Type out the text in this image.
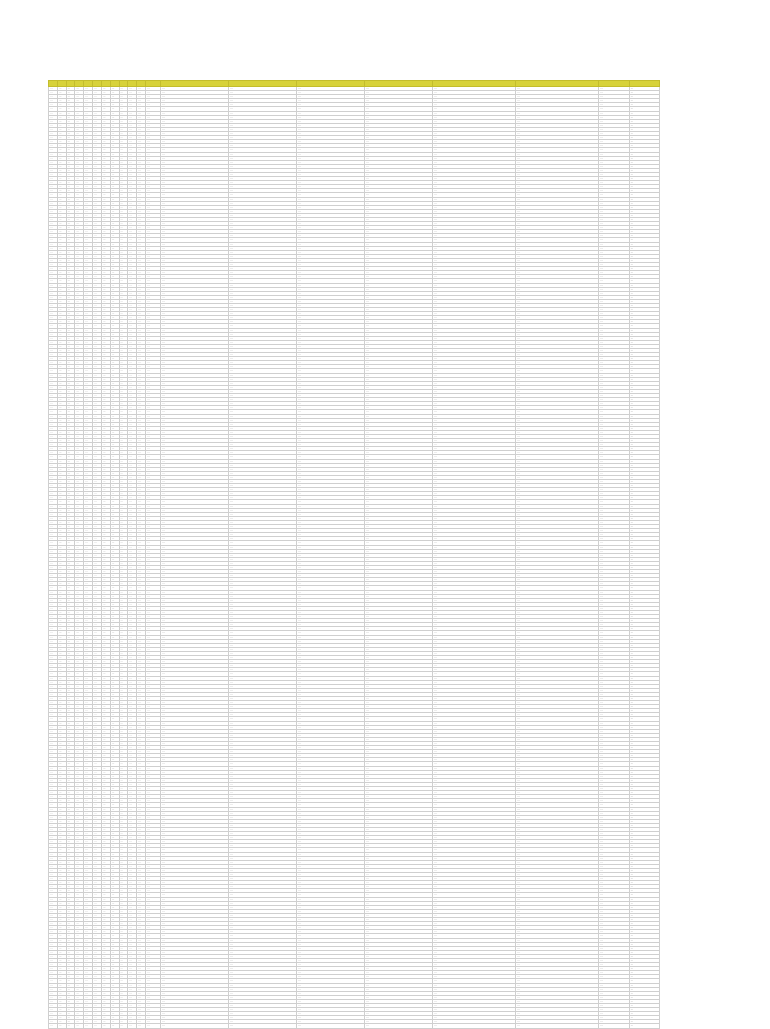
…	…	…	…	…	…	…	…	…	…	…	…	…	…	…	…	…	…	…	…
…	…	…	…	…	…	…	…	…	…	…	…	…	…	…	…	…	…	…	…
…	…	…	…	…	…	…	…	…	…	…	…	…	…	…	…	…	…	…	…
…	…	…	…	…	…	…	…	…	…	…	…	…	…	…	…	…	…	…	…
…	…	…	…	…	…	…	…	…	…	…	…	…	…	…	…	…	…	…	…
…	…	…	…	…	…	…	…	…	…	…	…	…	…	…	…	…	…	…	…
…	…	…	…	…	…	…	…	…	…	…	…	…	…	…	…	…	…	…	…
…	…	…	…	…	…	…	…	…	…	…	…	…	…	…	…	…	…	…	…
…	…	…	…	…	…	…	…	…	…	…	…	…	…	…	…	…	…	…	…
…	…	…	…	…	…	…	…	…	…	…	…	…	…	…	…	…	…	…	…
…	…	…	…	…	…	…	…	…	…	…	…	…	…	…	…	…	…	…	…
…	…	…	…	…	…	…	…	…	…	…	…	…	…	…	…	…	…	…	…
…	…	…	…	…	…	…	…	…	…	…	…	…	…	…	…	…	…	…	…
…	…	…	…	…	…	…	…	…	…	…	…	…	…	…	…	…	…	…	…
…	…	…	…	…	…	…	…	…	…	…	…	…	…	…	…	…	…	…	…
…	…	…	…	…	…	…	…	…	…	…	…	…	…	…	…	…	…	…	…
…	…	…	…	…	…	…	…	…	…	…	…	…	…	…	…	…	…	…	…
…	…	…	…	…	…	…	…	…	…	…	…	…	…	…	…	…	…	…	…
…	…	…	…	…	…	…	…	…	…	…	…	…	…	…	…	…	…	…	…
…	…	…	…	…	…	…	…	…	…	…	…	…	…	…	…	…	…	…	…
…	…	…	…	…	…	…	…	…	…	…	…	…	…	…	…	…	…	…	…
…	…	…	…	…	…	…	…	…	…	…	…	…	…	…	…	…	…	…	…
…	…	…	…	…	…	…	…	…	…	…	…	…	…	…	…	…	…	…	…
…	…	…	…	…	…	…	…	…	…	…	…	…	…	…	…	…	…	…	…
…	…	…	…	…	…	…	…	…	…	…	…	…	…	…	…	…	…	…	…
…	…	…	…	…	…	…	…	…	…	…	…	…	…	…	…	…	…	…	…
…	…	…	…	…	…	…	…	…	…	…	…	…	…	…	…	…	…	…	…
…	…	…	…	…	…	…	…	…	…	…	…	…	…	…	…	…	…	…	…
…	…	…	…	…	…	…	…	…	…	…	…	…	…	…	…	…	…	…	…
…	…	…	…	…	…	…	…	…	…	…	…	…	…	…	…	…	…	…	…
…	…	…	…	…	…	…	…	…	…	…	…	…	…	…	…	…	…	…	…
…	…	…	…	…	…	…	…	…	…	…	…	…	…	…	…	…	…	…	…
…	…	…	…	…	…	…	…	…	…	…	…	…	…	…	…	…	…	…	…
…	…	…	…	…	…	…	…	…	…	…	…	…	…	…	…	…	…	…	…
…	…	…	…	…	…	…	…	…	…	…	…	…	…	…	…	…	…	…	…
…	…	…	…	…	…	…	…	…	…	…	…	…	…	…	…	…	…	…	…
…	…	…	…	…	…	…	…	…	…	…	…	…	…	…	…	…	…	…	…
…	…	…	…	…	…	…	…	…	…	…	…	…	…	…	…	…	…	…	…
…	…	…	…	…	…	…	…	…	…	…	…	…	…	…	…	…	…	…	…
…	…	…	…	…	…	…	…	…	…	…	…	…	…	…	…	…	…	…	…
…	…	…	…	…	…	…	…	…	…	…	…	…	…	…	…	…	…	…	…
…	…	…	…	…	…	…	…	…	…	…	…	…	…	…	…	…	…	…	…
…	…	…	…	…	…	…	…	…	…	…	…	…	…	…	…	…	…	…	…
…	…	…	…	…	…	…	…	…	…	…	…	…	…	…	…	…	…	…	…
…	…	…	…	…	…	…	…	…	…	…	…	…	…	…	…	…	…	…	…
…	…	…	…	…	…	…	…	…	…	…	…	…	…	…	…	…	…	…	…
…	…	…	…	…	…	…	…	…	…	…	…	…	…	…	…	…	…	…	…
…	…	…	…	…	…	…	…	…	…	…	…	…	…	…	…	…	…	…	…
…	…	…	…	…	…	…	…	…	…	…	…	…	…	…	…	…	…	…	…
…	…	…	…	…	…	…	…	…	…	…	…	…	…	…	…	…	…	…	…
…	…	…	…	…	…	…	…	…	…	…	…	…	…	…	…	…	…	…	…
…	…	…	…	…	…	…	…	…	…	…	…	…	…	…	…	…	…	…	…
…	…	…	…	…	…	…	…	…	…	…	…	…	…	…	…	…	…	…	…
…	…	…	…	…	…	…	…	…	…	…	…	…	…	…	…	…	…	…	…
…	…	…	…	…	…	…	…	…	…	…	…	…	…	…	…	…	…	…	…
…	…	…	…	…	…	…	…	…	…	…	…	…	…	…	…	…	…	…	…
…	…	…	…	…	…	…	…	…	…	…	…	…	…	…	…	…	…	…	…
…	…	…	…	…	…	…	…	…	…	…	…	…	…	…	…	…	…	…	…
…	…	…	…	…	…	…	…	…	…	…	…	…	…	…	…	…	…	…	…
…	…	…	…	…	…	…	…	…	…	…	…	…	…	…	…	…	…	…	…
…	…	…	…	…	…	…	…	…	…	…	…	…	…	…	…	…	…	…	…
…	…	…	…	…	…	…	…	…	…	…	…	…	…	…	…	…	…	…	…
…	…	…	…	…	…	…	…	…	…	…	…	…	…	…	…	…	…	…	…
…	…	…	…	…	…	…	…	…	…	…	…	…	…	…	…	…	…	…	…
…	…	…	…	…	…	…	…	…	…	…	…	…	…	…	…	…	…	…	…
…	…	…	…	…	…	…	…	…	…	…	…	…	…	…	…	…	…	…	…
…	…	…	…	…	…	…	…	…	…	…	…	…	…	…	…	…	…	…	…
…	…	…	…	…	…	…	…	…	…	…	…	…	…	…	…	…	…	…	…
…	…	…	…	…	…	…	…	…	…	…	…	…	…	…	…	…	…	…	…
…	…	…	…	…	…	…	…	…	…	…	…	…	…	…	…	…	…	…	…
…	…	…	…	…	…	…	…	…	…	…	…	…	…	…	…	…	…	…	…
…	…	…	…	…	…	…	…	…	…	…	…	…	…	…	…	…	…	…	…
…	…	…	…	…	…	…	…	…	…	…	…	…	…	…	…	…	…	…	…
…	…	…	…	…	…	…	…	…	…	…	…	…	…	…	…	…	…	…	…
…	…	…	…	…	…	…	…	…	…	…	…	…	…	…	…	…	…	…	…
…	…	…	…	…	…	…	…	…	…	…	…	…	…	…	…	…	…	…	…
…	…	…	…	…	…	…	…	…	…	…	…	…	…	…	…	…	…	…	…
…	…	…	…	…	…	…	…	…	…	…	…	…	…	…	…	…	…	…	…
…	…	…	…	…	…	…	…	…	…	…	…	…	…	…	…	…	…	…	…
…	…	…	…	…	…	…	…	…	…	…	…	…	…	…	…	…	…	…	…
…	…	…	…	…	…	…	…	…	…	…	…	…	…	…	…	…	…	…	…
…	…	…	…	…	…	…	…	…	…	…	…	…	…	…	…	…	…	…	…
…	…	…	…	…	…	…	…	…	…	…	…	…	…	…	…	…	…	…	…
…	…	…	…	…	…	…	…	…	…	…	…	…	…	…	…	…	…	…	…
…	…	…	…	…	…	…	…	…	…	…	…	…	…	…	…	…	…	…	…
…	…	…	…	…	…	…	…	…	…	…	…	…	…	…	…	…	…	…	…
…	…	…	…	…	…	…	…	…	…	…	…	…	…	…	…	…	…	…	…
…	…	…	…	…	…	…	…	…	…	…	…	…	…	…	…	…	…	…	…
…	…	…	…	…	…	…	…	…	…	…	…	…	…	…	…	…	…	…	…
…	…	…	…	…	…	…	…	…	…	…	…	…	…	…	…	…	…	…	…
…	…	…	…	…	…	…	…	…	…	…	…	…	…	…	…	…	…	…	…
…	…	…	…	…	…	…	…	…	…	…	…	…	…	…	…	…	…	…	…
…	…	…	…	…	…	…	…	…	…	…	…	…	…	…	…	…	…	…	…
…	…	…	…	…	…	…	…	…	…	…	…	…	…	…	…	…	…	…	…
…	…	…	…	…	…	…	…	…	…	…	…	…	…	…	…	…	…	…	…
…	…	…	…	…	…	…	…	…	…	…	…	…	…	…	…	…	…	…	…
…	…	…	…	…	…	…	…	…	…	…	…	…	…	…	…	…	…	…	…
…	…	…	…	…	…	…	…	…	…	…	…	…	…	…	…	…	…	…	…
…	…	…	…	…	…	…	…	…	…	…	…	…	…	…	…	…	…	…	…
…	…	…	…	…	…	…	…	…	…	…	…	…	…	…	…	…	…	…	…
…	…	…	…	…	…	…	…	…	…	…	…	…	…	…	…	…	…	…	…
…	…	…	…	…	…	…	…	…	…	…	…	…	…	…	…	…	…	…	…
…	…	…	…	…	…	…	…	…	…	…	…	…	…	…	…	…	…	…	…
…	…	…	…	…	…	…	…	…	…	…	…	…	…	…	…	…	…	…	…
…	…	…	…	…	…	…	…	…	…	…	…	…	…	…	…	…	…	…	…
…	…	…	…	…	…	…	…	…	…	…	…	…	…	…	…	…	…	…	…
…	…	…	…	…	…	…	…	…	…	…	…	…	…	…	…	…	…	…	…
…	…	…	…	…	…	…	…	…	…	…	…	…	…	…	…	…	…	…	…
…	…	…	…	…	…	…	…	…	…	…	…	…	…	…	…	…	…	…	…
…	…	…	…	…	…	…	…	…	…	…	…	…	…	…	…	…	…	…	…
…	…	…	…	…	…	…	…	…	…	…	…	…	…	…	…	…	…	…	…
…	…	…	…	…	…	…	…	…	…	…	…	…	…	…	…	…	…	…	…
…	…	…	…	…	…	…	…	…	…	…	…	…	…	…	…	…	…	…	…
…	…	…	…	…	…	…	…	…	…	…	…	…	…	…	…	…	…	…	…
…	…	…	…	…	…	…	…	…	…	…	…	…	…	…	…	…	…	…	…
…	…	…	…	…	…	…	…	…	…	…	…	…	…	…	…	…	…	…	…
…	…	…	…	…	…	…	…	…	…	…	…	…	…	…	…	…	…	…	…
…	…	…	…	…	…	…	…	…	…	…	…	…	…	…	…	…	…	…	…
…	…	…	…	…	…	…	…	…	…	…	…	…	…	…	…	…	…	…	…
…	…	…	…	…	…	…	…	…	…	…	…	…	…	…	…	…	…	…	…
…	…	…	…	…	…	…	…	…	…	…	…	…	…	…	…	…	…	…	…
…	…	…	…	…	…	…	…	…	…	…	…	…	…	…	…	…	…	…	…
…	…	…	…	…	…	…	…	…	…	…	…	…	…	…	…	…	…	…	…
…	…	…	…	…	…	…	…	…	…	…	…	…	…	…	…	…	…	…	…
…	…	…	…	…	…	…	…	…	…	…	…	…	…	…	…	…	…	…	…
…	…	…	…	…	…	…	…	…	…	…	…	…	…	…	…	…	…	…	…
…	…	…	…	…	…	…	…	…	…	…	…	…	…	…	…	…	…	…	…
…	…	…	…	…	…	…	…	…	…	…	…	…	…	…	…	…	…	…	…
…	…	…	…	…	…	…	…	…	…	…	…	…	…	…	…	…	…	…	…
…	…	…	…	…	…	…	…	…	…	…	…	…	…	…	…	…	…	…	…
…	…	…	…	…	…	…	…	…	…	…	…	…	…	…	…	…	…	…	…
…	…	…	…	…	…	…	…	…	…	…	…	…	…	…	…	…	…	…	…
…	…	…	…	…	…	…	…	…	…	…	…	…	…	…	…	…	…	…	…
…	…	…	…	…	…	…	…	…	…	…	…	…	…	…	…	…	…	…	…
…	…	…	…	…	…	…	…	…	…	…	…	…	…	…	…	…	…	…	…
…	…	…	…	…	…	…	…	…	…	…	…	…	…	…	…	…	…	…	…
…	…	…	…	…	…	…	…	…	…	…	…	…	…	…	…	…	…	…	…
…	…	…	…	…	…	…	…	…	…	…	…	…	…	…	…	…	…	…	…
…	…	…	…	…	…	…	…	…	…	…	…	…	…	…	…	…	…	…	…
…	…	…	…	…	…	…	…	…	…	…	…	…	…	…	…	…	…	…	…
…	…	…	…	…	…	…	…	…	…	…	…	…	…	…	…	…	…	…	…
…	…	…	…	…	…	…	…	…	…	…	…	…	…	…	…	…	…	…	…
…	…	…	…	…	…	…	…	…	…	…	…	…	…	…	…	…	…	…	…
…	…	…	…	…	…	…	…	…	…	…	…	…	…	…	…	…	…	…	…
…	…	…	…	…	…	…	…	…	…	…	…	…	…	…	…	…	…	…	…
…	…	…	…	…	…	…	…	…	…	…	…	…	…	…	…	…	…	…	…
…	…	…	…	…	…	…	…	…	…	…	…	…	…	…	…	…	…	…	…
…	…	…	…	…	…	…	…	…	…	…	…	…	…	…	…	…	…	…	…
…	…	…	…	…	…	…	…	…	…	…	…	…	…	…	…	…	…	…	…
…	…	…	…	…	…	…	…	…	…	…	…	…	…	…	…	…	…	…	…
…	…	…	…	…	…	…	…	…	…	…	…	…	…	…	…	…	…	…	…
…	…	…	…	…	…	…	…	…	…	…	…	…	…	…	…	…	…	…	…
…	…	…	…	…	…	…	…	…	…	…	…	…	…	…	…	…	…	…	…
…	…	…	…	…	…	…	…	…	…	…	…	…	…	…	…	…	…	…	…
…	…	…	…	…	…	…	…	…	…	…	…	…	…	…	…	…	…	…	…
…	…	…	…	…	…	…	…	…	…	…	…	…	…	…	…	…	…	…	…
…	…	…	…	…	…	…	…	…	…	…	…	…	…	…	…	…	…	…	…
…	…	…	…	…	…	…	…	…	…	…	…	…	…	…	…	…	…	…	…
…	…	…	…	…	…	…	…	…	…	…	…	…	…	…	…	…	…	…	…
…	…	…	…	…	…	…	…	…	…	…	…	…	…	…	…	…	…	…	…
…	…	…	…	…	…	…	…	…	…	…	…	…	…	…	…	…	…	…	…
…	…	…	…	…	…	…	…	…	…	…	…	…	…	…	…	…	…	…	…
…	…	…	…	…	…	…	…	…	…	…	…	…	…	…	…	…	…	…	…
…	…	…	…	…	…	…	…	…	…	…	…	…	…	…	…	…	…	…	…
…	…	…	…	…	…	…	…	…	…	…	…	…	…	…	…	…	…	…	…
…	…	…	…	…	…	…	…	…	…	…	…	…	…	…	…	…	…	…	…
…	…	…	…	…	…	…	…	…	…	…	…	…	…	…	…	…	…	…	…
…	…	…	…	…	…	…	…	…	…	…	…	…	…	…	…	…	…	…	…
…	…	…	…	…	…	…	…	…	…	…	…	…	…	…	…	…	…	…	…
…	…	…	…	…	…	…	…	…	…	…	…	…	…	…	…	…	…	…	…
…	…	…	…	…	…	…	…	…	…	…	…	…	…	…	…	…	…	…	…
…	…	…	…	…	…	…	…	…	…	…	…	…	…	…	…	…	…	…	…
…	…	…	…	…	…	…	…	…	…	…	…	…	…	…	…	…	…	…	…
…	…	…	…	…	…	…	…	…	…	…	…	…	…	…	…	…	…	…	…
…	…	…	…	…	…	…	…	…	…	…	…	…	…	…	…	…	…	…	…
…	…	…	…	…	…	…	…	…	…	…	…	…	…	…	…	…	…	…	…
…	…	…	…	…	…	…	…	…	…	…	…	…	…	…	…	…	…	…	…
…	…	…	…	…	…	…	…	…	…	…	…	…	…	…	…	…	…	…	…
…	…	…	…	…	…	…	…	…	…	…	…	…	…	…	…	…	…	…	…
…	…	…	…	…	…	…	…	…	…	…	…	…	…	…	…	…	…	…	…
…	…	…	…	…	…	…	…	…	…	…	…	…	…	…	…	…	…	…	…
…	…	…	…	…	…	…	…	…	…	…	…	…	…	…	…	…	…	…	…
…	…	…	…	…	…	…	…	…	…	…	…	…	…	…	…	…	…	…	…
…	…	…	…	…	…	…	…	…	…	…	…	…	…	…	…	…	…	…	…
…	…	…	…	…	…	…	…	…	…	…	…	…	…	…	…	…	…	…	…
…	…	…	…	…	…	…	…	…	…	…	…	…	…	…	…	…	…	…	…
…	…	…	…	…	…	…	…	…	…	…	…	…	…	…	…	…	…	…	…
…	…	…	…	…	…	…	…	…	…	…	…	…	…	…	…	…	…	…	…
…	…	…	…	…	…	…	…	…	…	…	…	…	…	…	…	…	…	…	…
…	…	…	…	…	…	…	…	…	…	…	…	…	…	…	…	…	…	…	…
…	…	…	…	…	…	…	…	…	…	…	…	…	…	…	…	…	…	…	…
…	…	…	…	…	…	…	…	…	…	…	…	…	…	…	…	…	…	…	…
…	…	…	…	…	…	…	…	…	…	…	…	…	…	…	…	…	…	…	…
…	…	…	…	…	…	…	…	…	…	…	…	…	…	…	…	…	…	…	…
…	…	…	…	…	…	…	…	…	…	…	…	…	…	…	…	…	…	…	…
…	…	…	…	…	…	…	…	…	…	…	…	…	…	…	…	…	…	…	…
…	…	…	…	…	…	…	…	…	…	…	…	…	…	…	…	…	…	…	…
…	…	…	…	…	…	…	…	…	…	…	…	…	…	…	…	…	…	…	…
…	…	…	…	…	…	…	…	…	…	…	…	…	…	…	…	…	…	…	…
…	…	…	…	…	…	…	…	…	…	…	…	…	…	…	…	…	…	…	…
…	…	…	…	…	…	…	…	…	…	…	…	…	…	…	…	…	…	…	…
…	…	…	…	…	…	…	…	…	…	…	…	…	…	…	…	…	…	…	…
…	…	…	…	…	…	…	…	…	…	…	…	…	…	…	…	…	…	…	…
…	…	…	…	…	…	…	…	…	…	…	…	…	…	…	…	…	…	…	…
…	…	…	…	…	…	…	…	…	…	…	…	…	…	…	…	…	…	…	…
…	…	…	…	…	…	…	…	…	…	…	…	…	…	…	…	…	…	…	…
…	…	…	…	…	…	…	…	…	…	…	…	…	…	…	…	…	…	…	…
…	…	…	…	…	…	…	…	…	…	…	…	…	…	…	…	…	…	…	…
…	…	…	…	…	…	…	…	…	…	…	…	…	…	…	…	…	…	…	…
…	…	…	…	…	…	…	…	…	…	…	…	…	…	…	…	…	…	…	…
…	…	…	…	…	…	…	…	…	…	…	…	…	…	…	…	…	…	…	…
…	…	…	…	…	…	…	…	…	…	…	…	…	…	…	…	…	…	…	…
…	…	…	…	…	…	…	…	…	…	…	…	…	…	…	…	…	…	…	…
…	…	…	…	…	…	…	…	…	…	…	…	…	…	…	…	…	…	…	…
…	…	…	…	…	…	…	…	…	…	…	…	…	…	…	…	…	…	…	…
…	…	…	…	…	…	…	…	…	…	…	…	…	…	…	…	…	…	…	…
…	…	…	…	…	…	…	…	…	…	…	…	…	…	…	…	…	…	…	…
…	…	…	…	…	…	…	…	…	…	…	…	…	…	…	…	…	…	…	…
…	…	…	…	…	…	…	…	…	…	…	…	…	…	…	…	…	…	…	…
…	…	…	…	…	…	…	…	…	…	…	…	…	…	…	…	…	…	…	…
…	…	…	…	…	…	…	…	…	…	…	…	…	…	…	…	…	…	…	…
…	…	…	…	…	…	…	…	…	…	…	…	…	…	…	…	…	…	…	…
…	…	…	…	…	…	…	…	…	…	…	…	…	…	…	…	…	…	…	…
…	…	…	…	…	…	…	…	…	…	…	…	…	…	…	…	…	…	…	…
…	…	…	…	…	…	…	…	…	…	…	…	…	…	…	…	…	…	…	…
…	…	…	…	…	…	…	…	…	…	…	…	…	…	…	…	…	…	…	…
…	…	…	…	…	…	…	…	…	…	…	…	…	…	…	…	…	…	…	…
…	…	…	…	…	…	…	…	…	…	…	…	…	…	…	…	…	…	…	…
…	…	…	…	…	…	…	…	…	…	…	…	…	…	…	…	…	…	…	…
…	…	…	…	…	…	…	…	…	…	…	…	…	…	…	…	…	…	…	…
